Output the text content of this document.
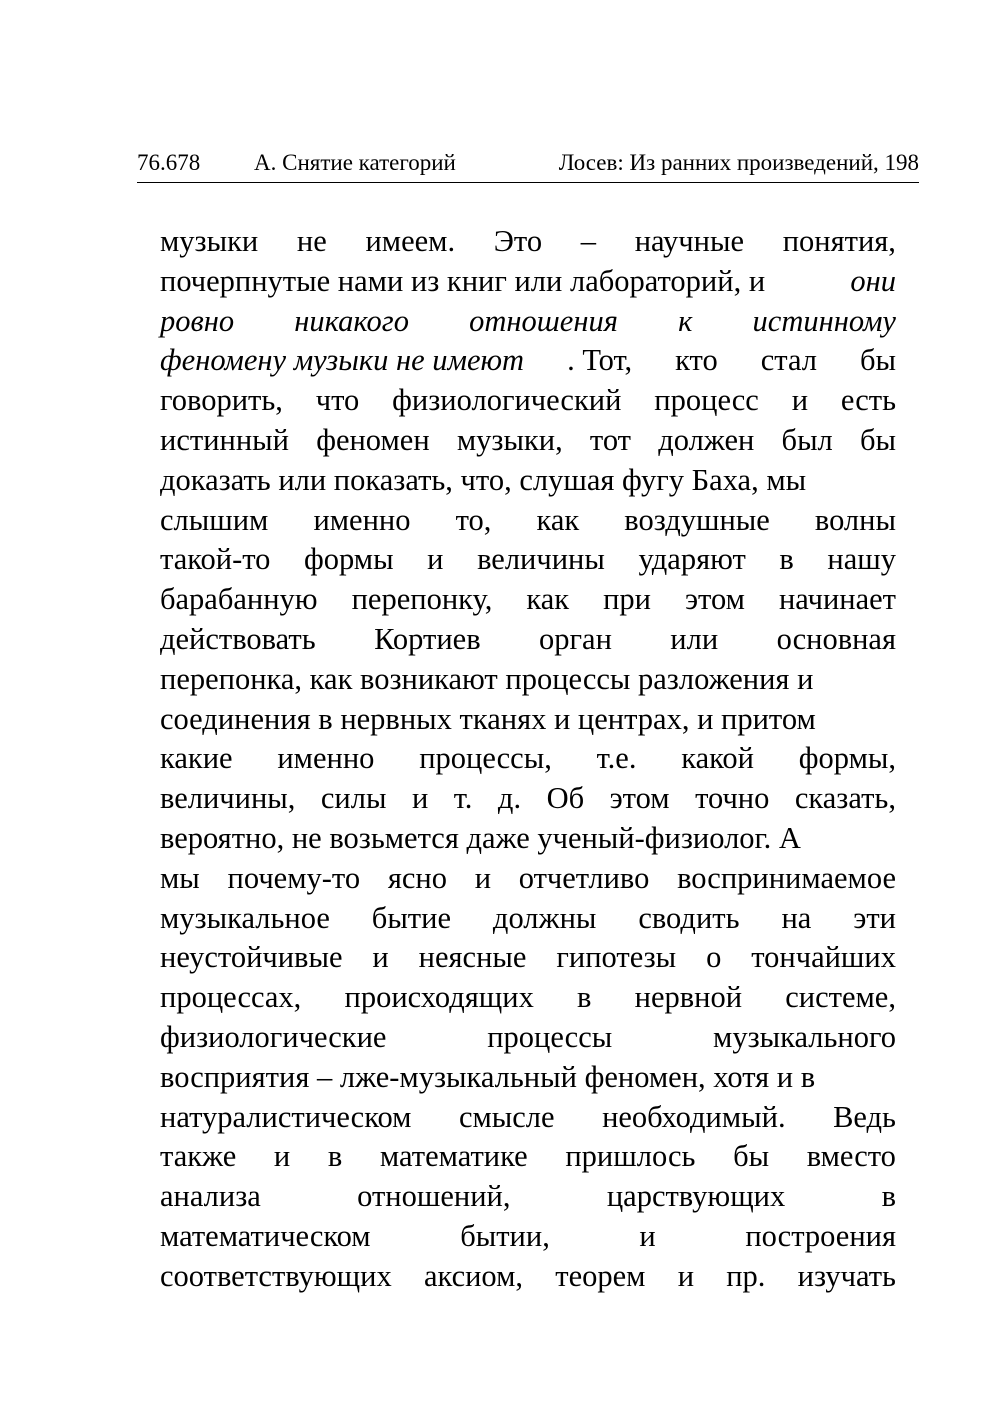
76.678 А. Снятие категорий	Лосев: Из ранних произведений, 198
музыки не имеем. Это – научные понятия,
почерпнутые нами из книг или лабораторий, и	они
ровно никакого отношения к истинному
феномену музыки не имеют . Тот, кто стал бы
говорить, что физиологический процесс и есть
истинный феномен музыки, тот должен был бы
доказать или показать, что, слушая фугу Баха, мы
слышим именно то, как воздушные волны
такой-то формы и величины ударяют в нашу
барабанную перепонку, как при этом начинает
действовать Кортиев орган или основная
перепонка, как возникают процессы разложения и
соединения в нервных тканях и центрах, и притом
какие именно процессы, т.е. какой формы,
величины, силы и т. д. Об этом точно сказать,
вероятно, не возьмется даже ученый-физиолог. А
мы почему-то ясно и отчетливо воспринимаемое
музыкальное бытие должны сводить на эти
неустойчивые и неясные гипотезы о тончайших
процессах, происходящих в нервной системе,
физиологические	процессы	музыкального
восприятия – лже-музыкальный феномен, хотя и в
натуралистическом смысле необходимый. Ведь
также и в математике пришлось бы вместо
анализа	отношений,	царствующих	в
математическом	бытии,	и	построения
соответствующих аксиом, теорем и пр. изучать
